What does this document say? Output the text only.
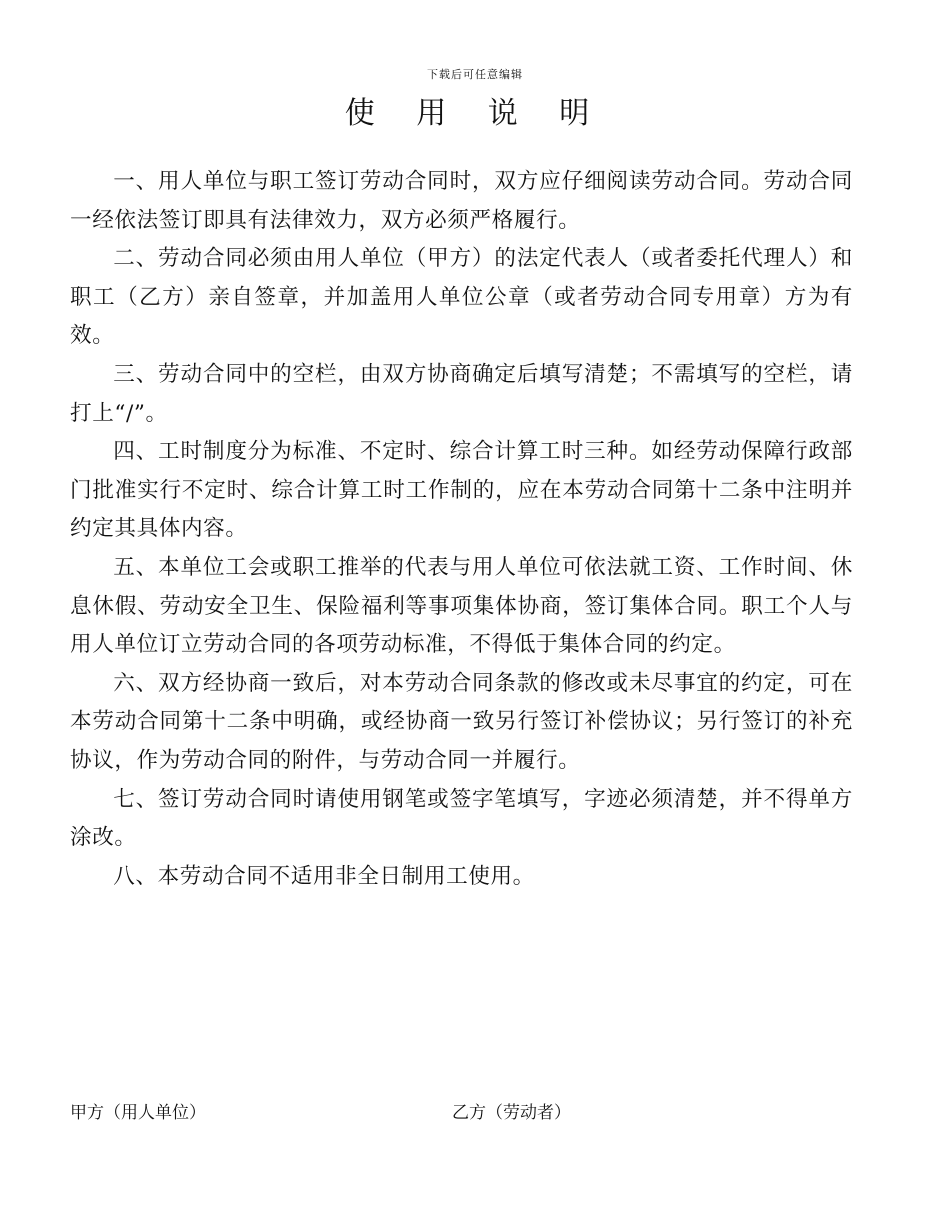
下载后可任意编辑
使 用 说 明

一、用人单位与职工签订劳动合同时，双方应仔细阅读劳动合同。劳动合同一经依法签订即具有法律效力，双方必须严格履行。

二、劳动合同必须由用人单位（甲方）的法定代表人（或者委托代理人）和职工（乙方）亲自签章，并加盖用人单位公章（或者劳动合同专用章）方为有效。

三、劳动合同中的空栏，由双方协商确定后填写清楚；不需填写的空栏，请打上“/”。

四、工时制度分为标准、不定时、综合计算工时三种。如经劳动保障行政部门批准实行不定时、综合计算工时工作制的，应在本劳动合同第十二条中注明并约定其具体内容。

五、本单位工会或职工推举的代表与用人单位可依法就工资、工作时间、休息休假、劳动安全卫生、保险福利等事项集体协商，签订集体合同。职工个人与用人单位订立劳动合同的各项劳动标准，不得低于集体合同的约定。

六、双方经协商一致后，对本劳动合同条款的修改或未尽事宜的约定，可在本劳动合同第十二条中明确，或经协商一致另行签订补偿协议；另行签订的补充协议，作为劳动合同的附件，与劳动合同一并履行。

七、签订劳动合同时请使用钢笔或签字笔填写，字迹必须清楚，并不得单方涂改。

八、本劳动合同不适用非全日制用工使用。

甲方（用人单位）	乙方（劳动者）
